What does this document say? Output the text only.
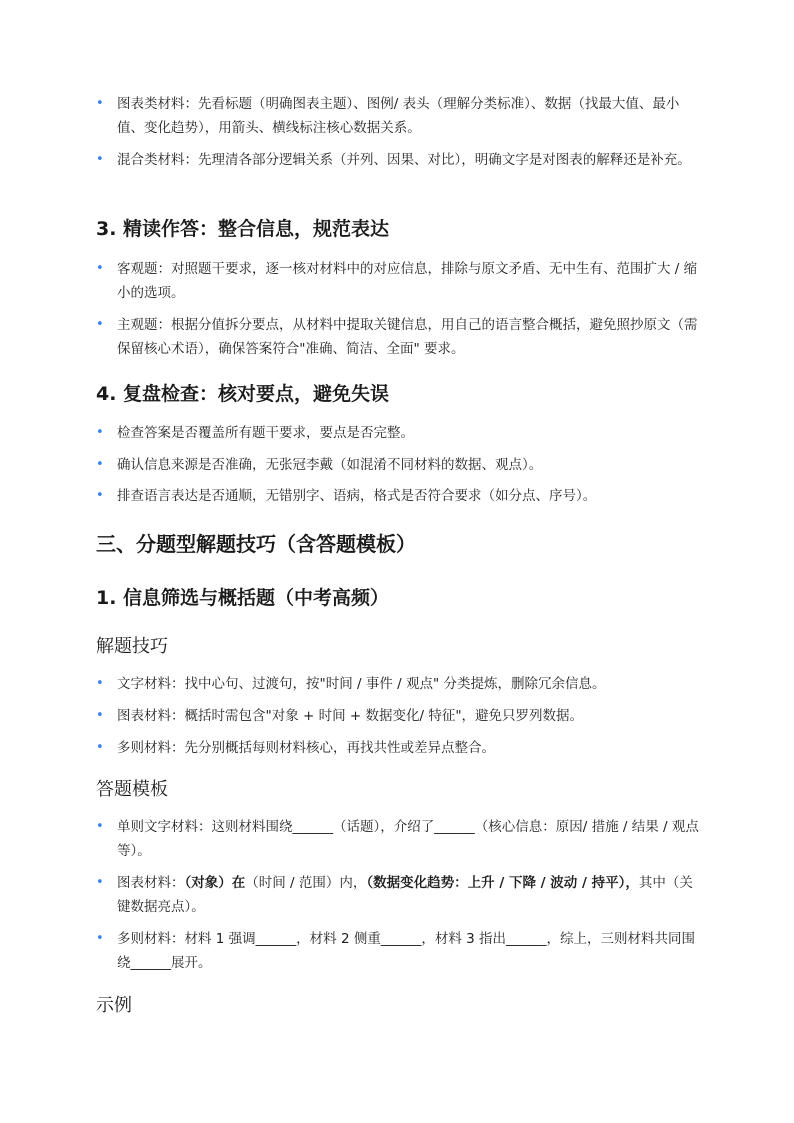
• 图表类材料：先看标题（明确图表主题）、图例/ 表头（理解分类标准）、数据（找最大值、最小值、变化趋势），用箭头、横线标注核心数据关系。
• 混合类材料：先理清各部分逻辑关系（并列、因果、对比），明确文字是对图表的解释还是补充。
3. 精读作答：整合信息，规范表达
• 客观题：对照题干要求，逐一核对材料中的对应信息，排除与原文矛盾、无中生有、范围扩大 / 缩小的选项。
• 主观题：根据分值拆分要点，从材料中提取关键信息，用自己的语言整合概括，避免照抄原文（需保留核心术语），确保答案符合"准确、简洁、全面" 要求。
4. 复盘检查：核对要点，避免失误
• 检查答案是否覆盖所有题干要求，要点是否完整。
• 确认信息来源是否准确，无张冠李戴（如混淆不同材料的数据、观点）。
• 排查语言表达是否通顺，无错别字、语病，格式是否符合要求（如分点、序号）。
三、分题型解题技巧（含答题模板）
1. 信息筛选与概括题（中考高频）
解题技巧
• 文字材料：找中心句、过渡句，按"时间 / 事件 / 观点" 分类提炼，删除冗余信息。
• 图表材料：概括时需包含"对象 + 时间 + 数据变化/ 特征"，避免只罗列数据。
• 多则材料：先分别概括每则材料核心，再找共性或差异点整合。
答题模板
• 单则文字材料：这则材料围绕______（话题），介绍了______（核心信息：原因/ 措施 / 结果 / 观点等）。
• 图表材料：（对象）在（时间 / 范围）内，（数据变化趋势：上升 / 下降 / 波动 / 持平），其中（关键数据亮点）。
• 多则材料：材料 1 强调______，材料 2 侧重______，材料 3 指出______，综上，三则材料共同围绕______展开。
示例
